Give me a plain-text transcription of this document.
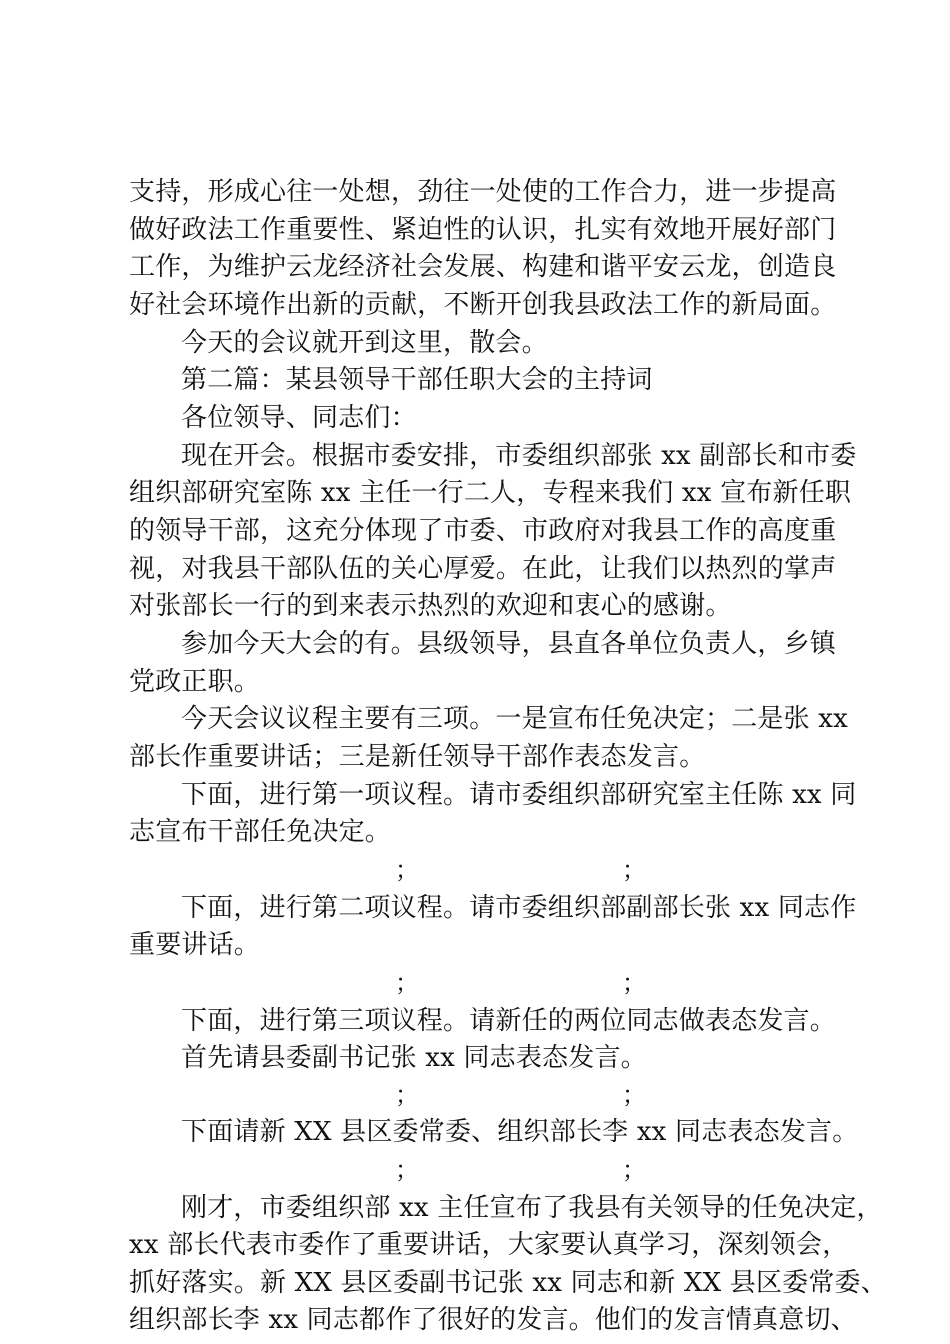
支持，形成心往一处想，劲往一处使的工作合力，进一步提高
做好政法工作重要性、紧迫性的认识，扎实有效地开展好部门
工作，为维护云龙经济社会发展、构建和谐平安云龙，创造良
好社会环境作出新的贡献，不断开创我县政法工作的新局面。
今天的会议就开到这里，散会。
第二篇：某县领导干部任职大会的主持词
各位领导、同志们：
现在开会。根据市委安排，市委组织部张 xx 副部长和市委
组织部研究室陈 xx 主任一行二人，专程来我们 xx 宣布新任职
的领导干部，这充分体现了市委、市政府对我县工作的高度重
视，对我县干部队伍的关心厚爱。在此，让我们以热烈的掌声
对张部长一行的到来表示热烈的欢迎和衷心的感谢。
参加今天大会的有。县级领导，县直各单位负责人，乡镇
党政正职。
今天会议议程主要有三项。一是宣布任免决定；二是张 xx
部长作重要讲话；三是新任领导干部作表态发言。
下面，进行第一项议程。请市委组织部研究室主任陈 xx 同
志宣布干部任免决定。
；	；
下面，进行第二项议程。请市委组织部副部长张 xx 同志作
重要讲话。
；	；
下面，进行第三项议程。请新任的两位同志做表态发言。
首先请县委副书记张 xx 同志表态发言。
；	；
下面请新 XX 县区委常委、组织部长李 xx 同志表态发言。
；	；
刚才，市委组织部 xx 主任宣布了我县有关领导的任免决定，
xx 部长代表市委作了重要讲话，大家要认真学习，深刻领会，
抓好落实。新 XX 县区委副书记张 xx 同志和新 XX 县区委常委、
组织部长李 xx 同志都作了很好的发言。他们的发言情真意切、
